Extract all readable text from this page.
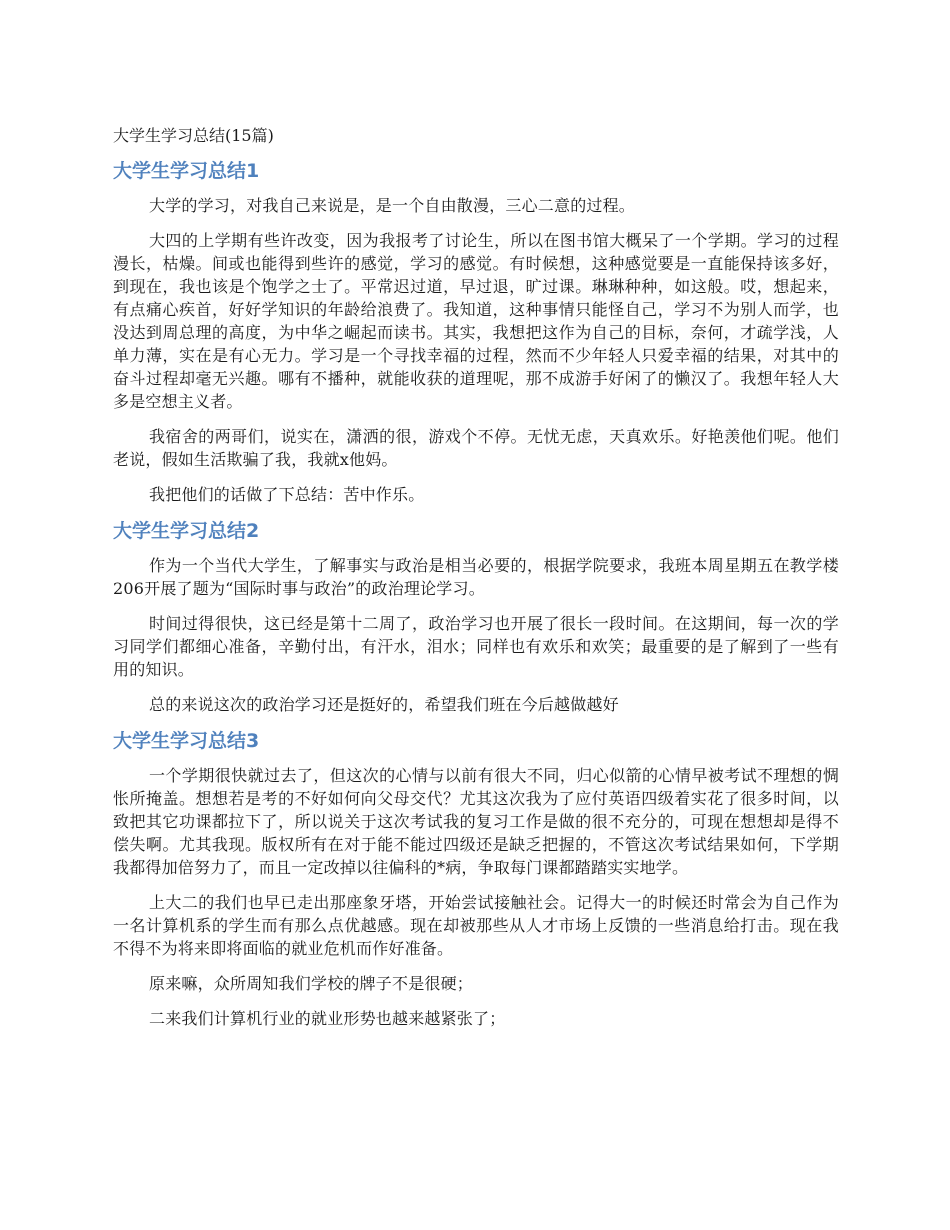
大学生学习总结(15篇)
大学生学习总结1

大学的学习，对我自己来说是，是一个自由散漫，三心二意的过程。

大四的上学期有些许改变，因为我报考了讨论生，所以在图书馆大概呆了一个学期。学习的过程漫长，枯燥。间或也能得到些许的感觉，学习的感觉。有时候想，这种感觉要是一直能保持该多好，到现在，我也该是个饱学之士了。平常迟过道，早过退，旷过课。琳琳种种，如这般。哎，想起来，有点痛心疾首，好好学知识的年龄给浪费了。我知道，这种事情只能怪自己，学习不为别人而学，也没达到周总理的高度，为中华之崛起而读书。其实，我想把这作为自己的目标，奈何，才疏学浅，人单力薄，实在是有心无力。学习是一个寻找幸福的过程，然而不少年轻人只爱幸福的结果，对其中的奋斗过程却毫无兴趣。哪有不播种，就能收获的道理呢，那不成游手好闲了的懒汉了。我想年轻人大多是空想主义者。

我宿舍的两哥们，说实在，潇洒的很，游戏个不停。无忧无虑，天真欢乐。好艳羡他们呢。他们老说，假如生活欺骗了我，我就x他妈。

我把他们的话做了下总结：苦中作乐。

大学生学习总结2

作为一个当代大学生，了解事实与政治是相当必要的，根据学院要求，我班本周星期五在教学楼206开展了题为“国际时事与政治”的政治理论学习。

时间过得很快，这已经是第十二周了，政治学习也开展了很长一段时间。在这期间，每一次的学习同学们都细心准备，辛勤付出，有汗水，泪水；同样也有欢乐和欢笑；最重要的是了解到了一些有用的知识。

总的来说这次的政治学习还是挺好的，希望我们班在今后越做越好

大学生学习总结3

一个学期很快就过去了，但这次的心情与以前有很大不同，归心似箭的心情早被考试不理想的惆怅所掩盖。想想若是考的不好如何向父母交代？尤其这次我为了应付英语四级着实花了很多时间，以致把其它功课都拉下了，所以说关于这次考试我的复习工作是做的很不充分的，可现在想想却是得不偿失啊。尤其我现。版权所有在对于能不能过四级还是缺乏把握的，不管这次考试结果如何，下学期我都得加倍努力了，而且一定改掉以往偏科的*病，争取每门课都踏踏实实地学。

上大二的我们也早已走出那座象牙塔，开始尝试接触社会。记得大一的时候还时常会为自己作为一名计算机系的学生而有那么点优越感。现在却被那些从人才市场上反馈的一些消息给打击。现在我不得不为将来即将面临的就业危机而作好准备。

原来嘛，众所周知我们学校的牌子不是很硬；

二来我们计算机行业的就业形势也越来越紧张了；
